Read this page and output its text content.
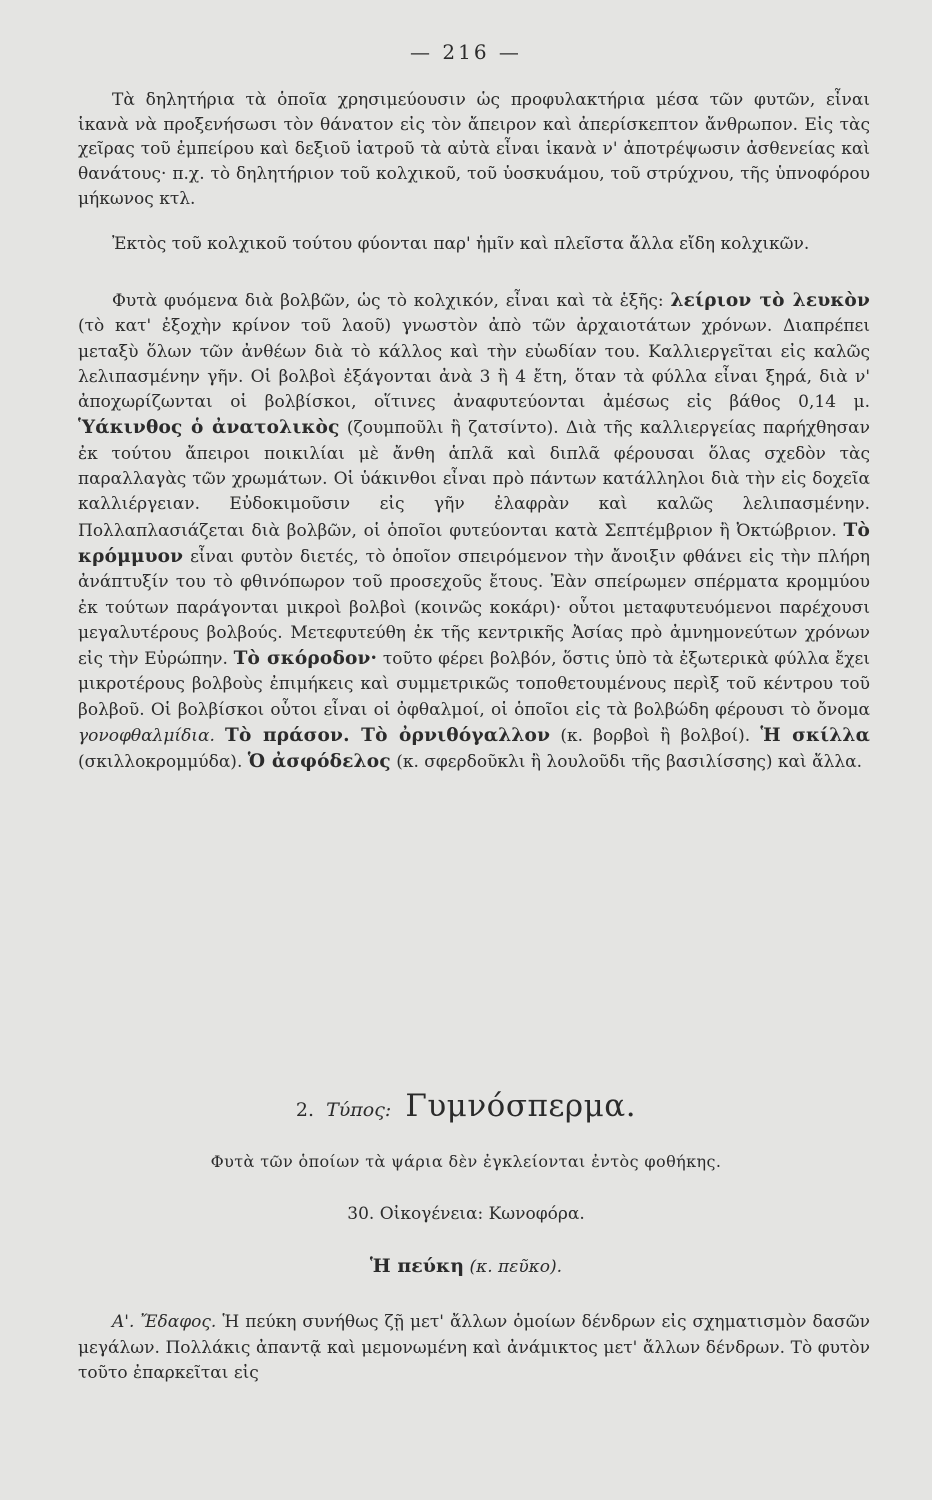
— 216 —

Τὰ δηλητήρια τὰ ὁποῖα χρησιμεύουσιν ὡς προφυλακτήρια μέσα τῶν φυτῶν, εἶναι ἱκανὰ νὰ προξενήσωσι τὸν θάνατον εἰς τὸν ἄπειρον καὶ ἀπερίσκεπτον ἄνθρωπον. Εἰς τὰς χεῖρας τοῦ ἐμπείρου καὶ δεξιοῦ ἰατροῦ τὰ αὐτὰ εἶναι ἱκανὰ ν' ἀποτρέψωσιν ἀσθενείας καὶ θανάτους· π.χ. τὸ δηλητήριον τοῦ κολχικοῦ, τοῦ ὑοσκυάμου, τοῦ στρύχνου, τῆς ὑπνοφόρου μήκωνος κτλ.

Ἐκτὸς τοῦ κολχικοῦ τούτου φύονται παρ' ἡμῖν καὶ πλεῖστα ἄλλα εἴδη κολχικῶν.

Φυτὰ φυόμενα διὰ βολβῶν, ὡς τὸ κολχικόν, εἶναι καὶ τὰ ἑξῆς: λείριον τὸ λευκὸν (τὸ κατ' ἐξοχὴν κρίνον τοῦ λαοῦ) γνωστὸν ἀπὸ τῶν ἀρχαιοτάτων χρόνων. Διαπρέπει μεταξὺ ὅλων τῶν ἀνθέων διὰ τὸ κάλλος καὶ τὴν εὐωδίαν του. Καλλιεργεῖται εἰς καλῶς λελιπασμένην γῆν. Οἱ βολβοὶ ἐξάγονται ἀνὰ 3 ἢ 4 ἔτη, ὅταν τὰ φύλλα εἶναι ξηρά, διὰ ν' ἀποχωρίζωνται οἱ βολβίσκοι, οἵτινες ἀναφυτεύονται ἀμέσως εἰς βάθος 0,14 μ. Ὑάκινθος ὁ ἀνατολικὸς (ζουμποῦλι ἢ ζατσίντο). Διὰ τῆς καλλιεργείας παρήχθησαν ἐκ τούτου ἄπειροι ποικιλίαι μὲ ἄνθη ἁπλᾶ καὶ διπλᾶ φέρουσαι ὅλας σχεδὸν τὰς παραλλαγὰς τῶν χρωμάτων. Οἱ ὑάκινθοι εἶναι πρὸ πάντων κατάλληλοι διὰ τὴν εἰς δοχεῖα καλλιέργειαν. Εὐδοκιμοῦσιν εἰς γῆν ἐλαφρὰν καὶ καλῶς λελιπασμένην. Πολλαπλασιάζεται διὰ βολβῶν, οἱ ὁποῖοι φυτεύονται κατὰ Σεπτέμβριον ἢ Ὀκτώβριον. Τὸ κρόμμυον εἶναι φυτὸν διετές, τὸ ὁποῖον σπειρόμενον τὴν ἄνοιξιν φθάνει εἰς τὴν πλήρη ἀνάπτυξίν του τὸ φθινόπωρον τοῦ προσεχοῦς ἔτους. Ἐὰν σπείρωμεν σπέρματα κρομμύου ἐκ τούτων παράγονται μικροὶ βολβοὶ (κοινῶς κοκάρι)· οὗτοι μεταφυτευόμενοι παρέχουσι μεγαλυτέρους βολβούς. Μετεφυτεύθη ἐκ τῆς κεντρικῆς Ἀσίας πρὸ ἀμνημονεύτων χρόνων εἰς τὴν Εὐρώπην. Τὸ σκόροδον· τοῦτο φέρει βολβόν, ὅστις ὑπὸ τὰ ἐξωτερικὰ φύλλα ἔχει μικροτέρους βολβοὺς ἐπιμήκεις καὶ συμμετρικῶς τοποθετουμένους περὶξ τοῦ κέντρου τοῦ βολβοῦ. Οἱ βολβίσκοι οὗτοι εἶναι οἱ ὀφθαλμοί, οἱ ὁποῖοι εἰς τὰ βολβώδη φέρουσι τὸ ὄνομα γονοφθαλμίδια. Τὸ πράσον. Τὸ ὀρνιθόγαλλον (κ. βορβοὶ ἢ βολβοί). Ἡ σκίλλα (σκιλλοκρομμύδα). Ὁ ἀσφόδελος (κ. σφερδοῦκλι ἢ λουλοῦδι τῆς βασιλίσσης) καὶ ἄλλα.

2. Τύπος: Γυμνόσπερμα.
Φυτὰ τῶν ὁποίων τὰ ψάρια δὲν ἐγκλείονται ἐντὸς φοθήκης.
30. Οἰκογένεια: Κωνοφόρα.
Ἡ πεύκη (κ. πεῦκο).

Α'. Ἔδαφος. Ἡ πεύκη συνήθως ζῇ μετ' ἄλλων ὁμοίων δένδρων εἰς σχηματισμὸν δασῶν μεγάλων. Πολλάκις ἀπαντᾷ καὶ μεμονωμένη καὶ ἀνάμικτος μετ' ἄλλων δένδρων. Τὸ φυτὸν τοῦτο ἐπαρκεῖται εἰς
